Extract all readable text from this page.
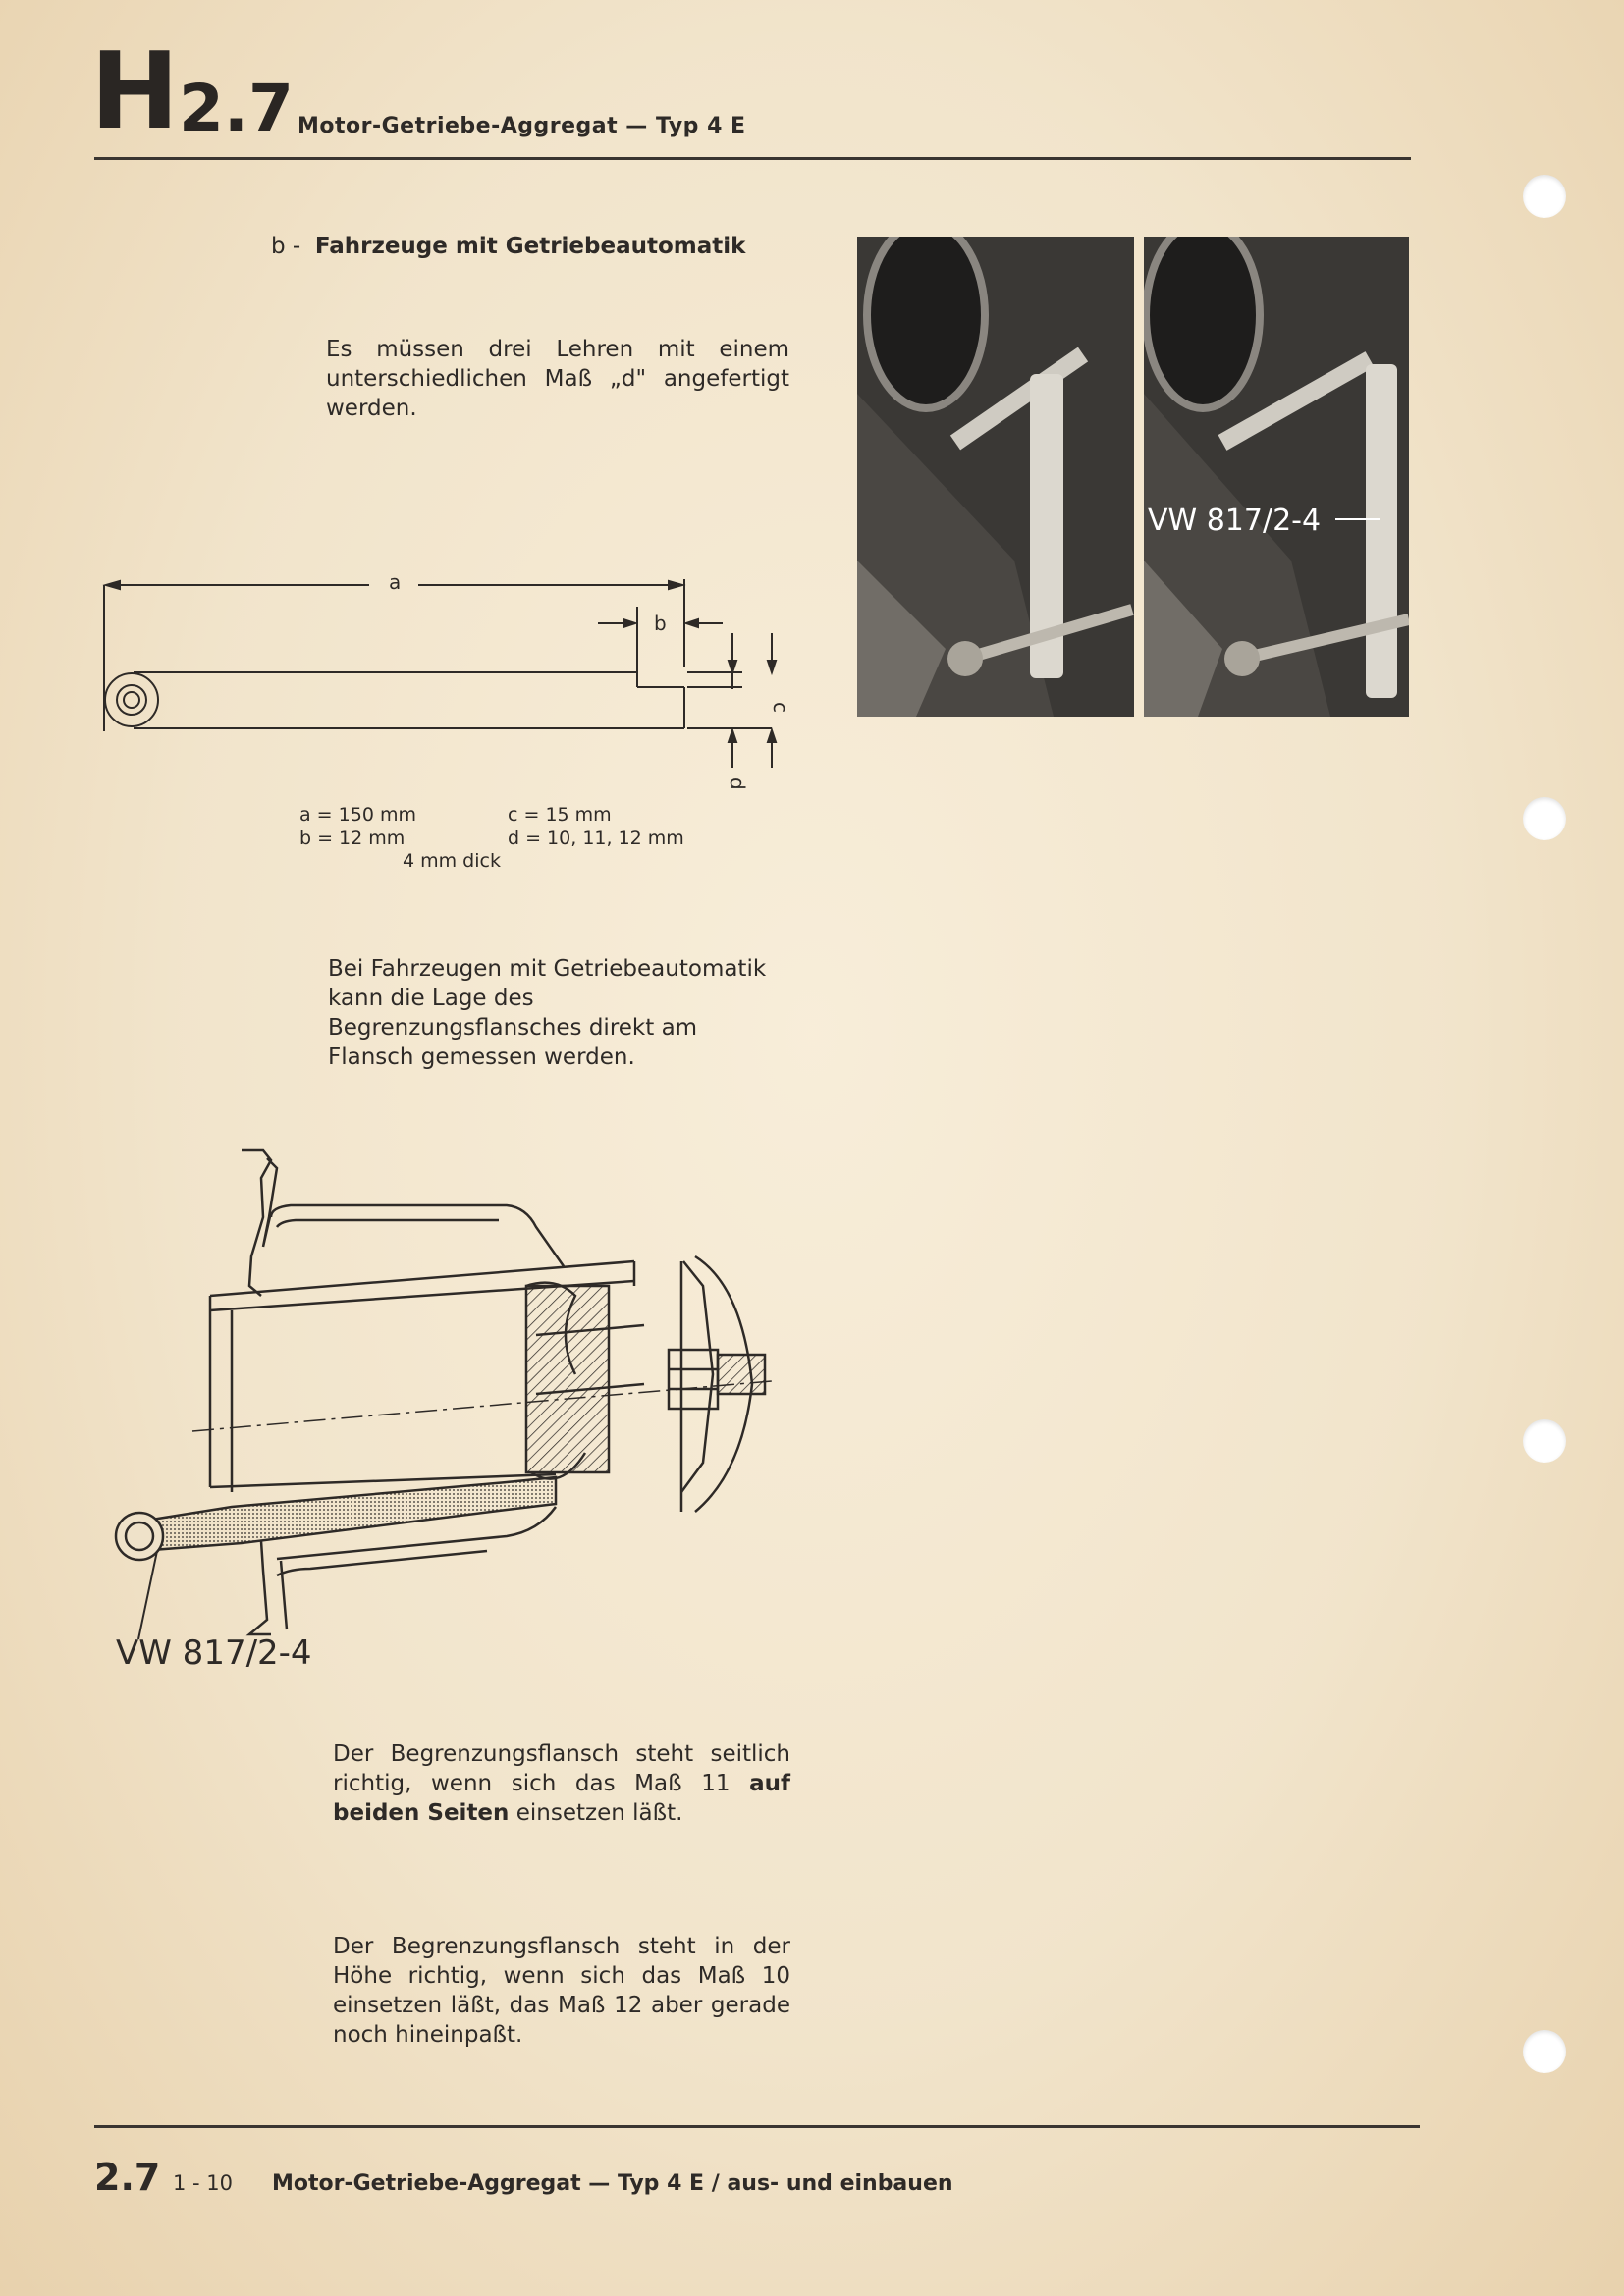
H 2.7 Motor-Getriebe-Aggregat — Typ 4 E
b - Fahrzeuge mit Getriebeautomatik
Es müssen drei Lehren mit einem unterschiedlichen Maß „d" angefertigt werden.
a
b
c
d
a = 150 mm
b = 12 mm
c = 15 mm
d = 10, 11, 12 mm
4 mm dick
VW 817/2-4
Bei Fahrzeugen mit Getriebeautomatik kann die Lage des Begrenzungsflansches direkt am Flansch gemessen werden.
VW 817/2-4
Der Begrenzungsflansch steht seitlich richtig, wenn sich das Maß 11 auf beiden Seiten einsetzen läßt.
Der Begrenzungsflansch steht in der Höhe richtig, wenn sich das Maß 10 einsetzen läßt, das Maß 12 aber gerade noch hineinpaßt.
2.7 1 - 10 Motor-Getriebe-Aggregat — Typ 4 E / aus- und einbauen
